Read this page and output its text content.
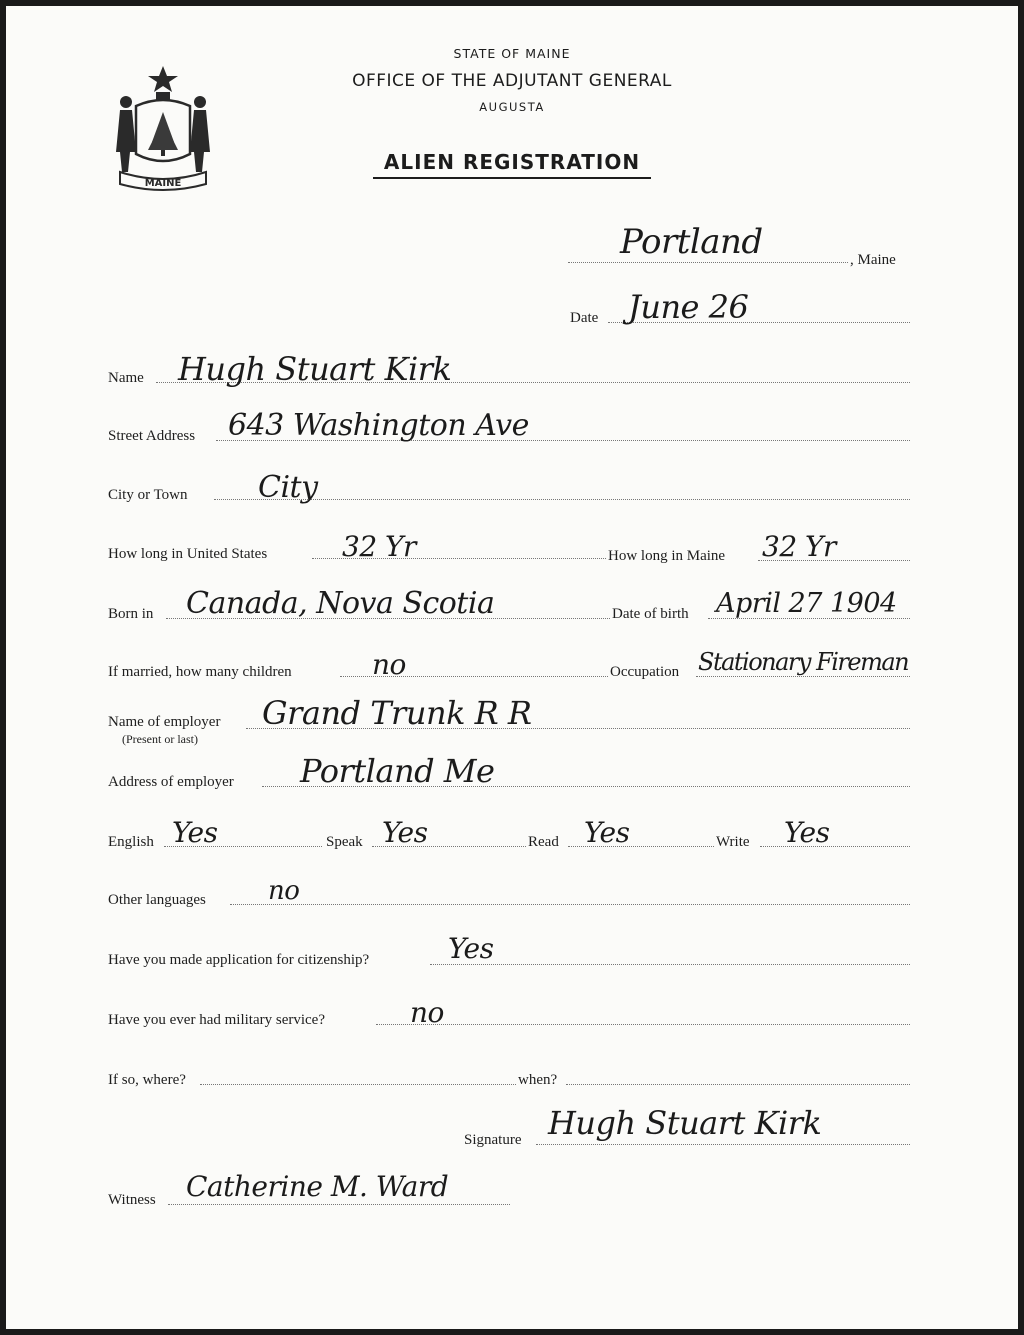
MAINE
STATE OF MAINE
OFFICE OF THE ADJUTANT GENERAL
AUGUSTA
ALIEN REGISTRATION
Portland	, Maine
Date June 26
Name Hugh Stuart Kirk
Street Address 643 Washington Ave
City or Town City
How long in United States	32 Yr	How long in Maine 32 Yr
Born in Canada, Nova Scotia	Date of birth April 27 1904
If married, how many children	no	Occupation Stationary Fireman
Name of employer
(Present or last)
Grand Trunk R R
Address of employer Portland Me
English Yes	Speak Yes	Read Yes	Write Yes
Other languages no
Have you made application for citizenship?	Yes
Have you ever had military service?	no
If so, where?	when?
Signature Hugh Stuart Kirk
Witness Catherine M. Ward
